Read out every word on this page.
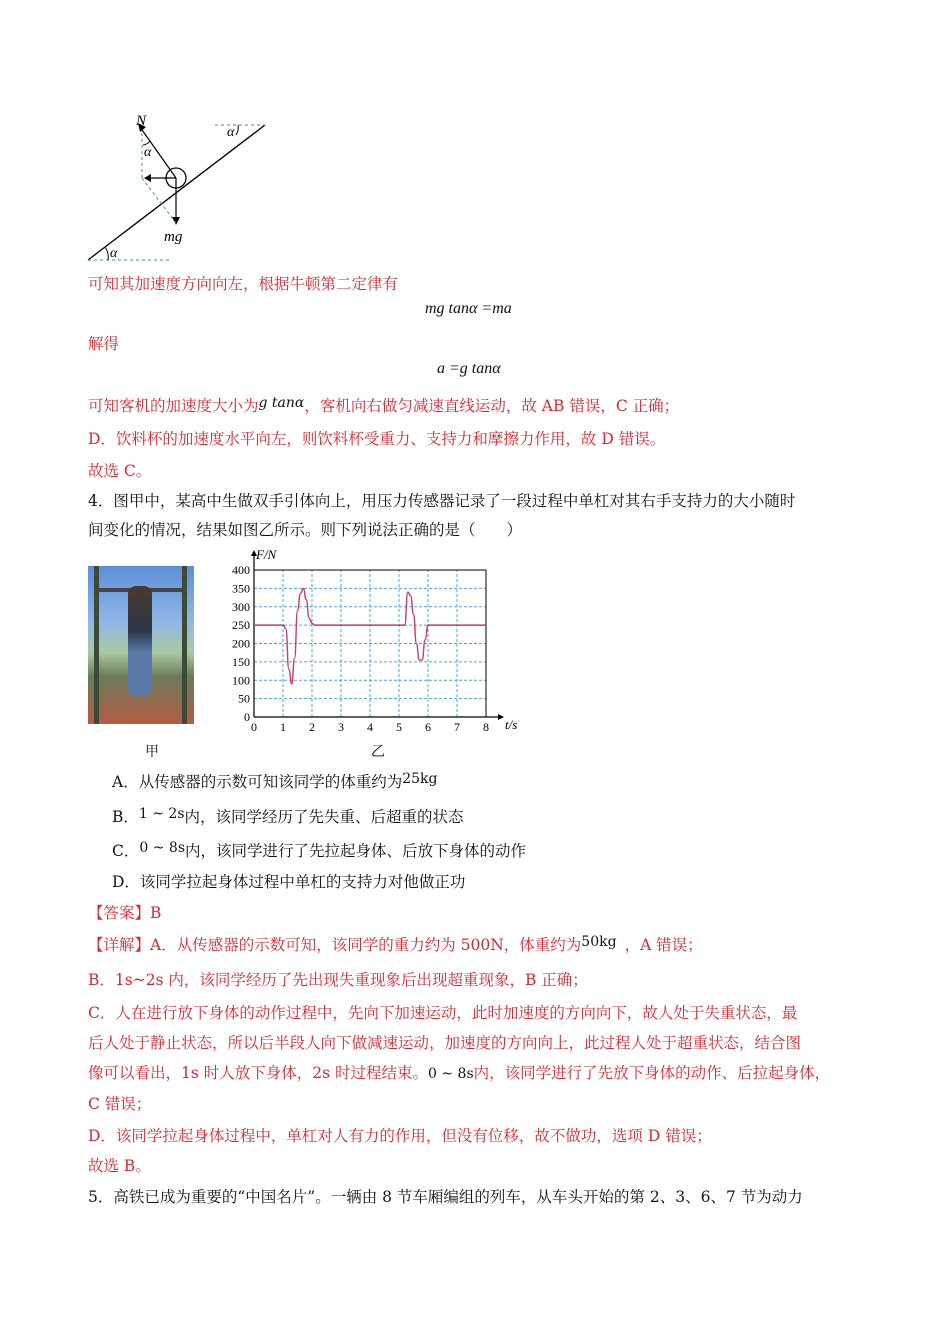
N
α
α
α
mg
可知其加速度方向向左，根据牛顿第二定律有
mg tanα =ma
解得
a =g tanα
可知客机的加速度大小为g tanα，客机向右做匀减速直线运动，故 AB 错误，C 正确；
D．饮料杯的加速度水平向左，则饮料杯受重力、支持力和摩擦力作用，故 D 错误。
故选 C。
4．图甲中，某高中生做双手引体向上，用压力传感器记录了一段过程中单杠对其右手支持力的大小随时
间变化的情况，结果如图乙所示。则下列说法正确的是（　　）
甲
0 1 2 3 4 5 6 7 8
0
50
100
150
200
250
300
350
400
F/N
t/s
乙
A．从传感器的示数可知该同学的体重约为25kg
B．1 ~ 2s内，该同学经历了先失重、后超重的状态
C．0 ~ 8s内，该同学进行了先拉起身体、后放下身体的动作
D．该同学拉起身体过程中单杠的支持力对他做正功
【答案】B
【详解】A．从传感器的示数可知，该同学的重力约为 500N，体重约为50kg ，A 错误；
B．1s~2s 内，该同学经历了先出现失重现象后出现超重现象，B 正确；
C．人在进行放下身体的动作过程中，先向下加速运动，此时加速度的方向向下，故人处于失重状态，最
后人处于静止状态，所以后半段人向下做减速运动，加速度的方向向上，此过程人处于超重状态，结合图
像可以看出，1s 时人放下身体，2s 时过程结束。0 ~ 8s内，该同学进行了先放下身体的动作、后拉起身体，
C 错误；
D．该同学拉起身体过程中，单杠对人有力的作用，但没有位移，故不做功，选项 D 错误；
故选 B。
5．高铁已成为重要的“中国名片”。一辆由 8 节车厢编组的列车，从车头开始的第 2、3、6、7 节为动力
